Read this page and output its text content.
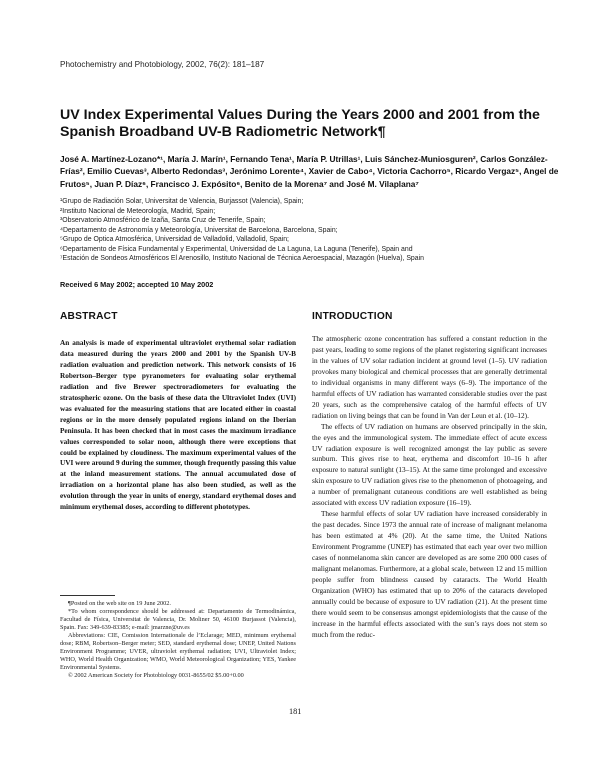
Photochemistry and Photobiology, 2002, 76(2): 181–187
UV Index Experimental Values During the Years 2000 and 2001 from the Spanish Broadband UV-B Radiometric Network¶
José A. Martínez-Lozano*¹, María J. Marín¹, Fernando Tena¹, María P. Utrillas¹, Luis Sánchez-Muniosguren², Carlos González-Frías², Emilio Cuevas³, Alberto Redondas³, Jerónimo Lorente⁴, Xavier de Cabo⁴, Victoria Cachorro⁵, Ricardo Vergaz⁵, Angel de Frutos⁵, Juan P. Díaz⁶, Francisco J. Expósito⁶, Benito de la Morena⁷ and José M. Vilaplana⁷
¹Grupo de Radiación Solar, Universitat de Valencia, Burjassot (Valencia), Spain;
²Instituto Nacional de Meteorología, Madrid, Spain;
³Observatorio Atmosférico de Izaña, Santa Cruz de Tenerife, Spain;
⁴Departamento de Astronomía y Meteorología, Universitat de Barcelona, Barcelona, Spain;
⁵Grupo de Optica Atmosférica, Universidad de Valladolid, Valladolid, Spain;
⁶Departamento de Física Fundamental y Experimental, Universidad de La Laguna, La Laguna (Tenerife), Spain and
⁷Estación de Sondeos Atmosféricos El Arenosillo, Instituto Nacional de Técnica Aeroespacial, Mazagón (Huelva), Spain
Received 6 May 2002; accepted 10 May 2002
ABSTRACT	INTRODUCTION
An analysis is made of experimental ultraviolet erythemal solar radiation data measured during the years 2000 and 2001 by the Spanish UV-B radiation evaluation and prediction network. This network consists of 16 Robertson–Berger type pyranometers for evaluating solar erythemal radiation and five Brewer spectroradiometers for evaluating the stratospheric ozone. On the basis of these data the Ultraviolet Index (UVI) was evaluated for the measuring stations that are located either in coastal regions or in the more densely populated regions inland on the Iberian Peninsula. It has been checked that in most cases the maximum irradiance values corresponded to solar noon, although there were exceptions that could be explained by cloudiness. The maximum experimental values of the UVI were around 9 during the summer, though frequently passing this value at the inland measurement stations. The annual accumulated dose of irradiation on a horizontal plane has also been studied, as well as the evolution through the year in units of energy, standard erythemal doses and minimum erythemal doses, according to different phototypes.

¶Posted on the web site on 19 June 2002.

*To whom correspondence should be addressed at: Departamento de Termodinámica, Facultad de Física, Universitat de Valencia, Dr. Moliner 50, 46100 Burjassot (Valencia), Spain. Fax: 349-639-83385; e-mail: jmarzne@uv.es

Abbreviations: CIE, Comission Internationale de l’Eclarage; MED, minimum erythemal dose; RBM, Robertson–Berger meter; SED, standard erythemal dose; UNEP, United Nations Environment Programme; UVER, ultraviolet erythemal radiation; UVI, Ultraviolet Index; WHO, World Health Organization; WMO, World Meteorological Organization; YES, Yankee Environmental Systems.

© 2002 American Society for Photobiology 0031-8655/02 $5.00+0.00

The atmospheric ozone concentration has suffered a constant reduction in the past years, leading to some regions of the planet registering significant increases in the values of UV solar radiation incident at ground level (1–5). UV radiation provokes many biological and chemical processes that are generally detrimental to individual organisms in many different ways (6–9). The importance of the harmful effects of UV radiation has warranted considerable studies over the past 20 years, such as the comprehensive catalog of the harmful effects of UV radiation on living beings that can be found in Van der Leun et al. (10–12).

The effects of UV radiation on humans are observed principally in the skin, the eyes and the immunological system. The immediate effect of acute excess UV radiation exposure is well recognized amongst the lay public as severe sunburn. This gives rise to heat, erythema and discomfort 10–16 h after exposure to natural sunlight (13–15). At the same time prolonged and excessive skin exposure to UV radiation gives rise to the phenomenon of photoageing, and a number of premalignant cutaneous conditions are well established as being associated with excess UV radiation exposure (16–19).

These harmful effects of solar UV radiation have increased considerably in the past decades. Since 1973 the annual rate of increase of malignant melanoma has been estimated at 4% (20). At the same time, the United Nations Environment Programme (UNEP) has estimated that each year over two million cases of nonmelanoma skin cancer are developed as are some 200 000 cases of malignant melanomas. Furthermore, at a global scale, between 12 and 15 million people suffer from blindness caused by cataracts. The World Health Organization (WHO) has estimated that up to 20% of the cataracts developed annually could be because of exposure to UV radiation (21). At the present time there would seem to be consensus amongst epidemiologists that the cause of the increase in the harmful effects associated with the sun’s rays does not stem so much from the reduc-

181
